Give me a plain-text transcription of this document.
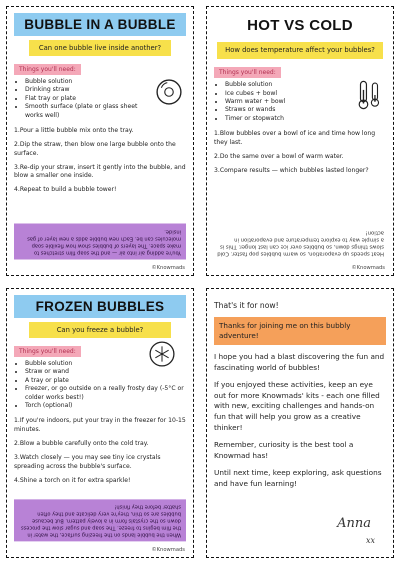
BUBBLE IN A BUBBLE
Can one bubble live inside another?
Things you'll need:
• Bubble solution
• Drinking straw
• Flat tray or plate
• Smooth surface (plate or glass sheet works well)

1.Pour a little bubble mix onto the tray.

2.Dip the straw, then blow one large bubble onto the surface.

3.Re-dip your straw, insert it gently into the bubble, and blow a smaller one inside.

4.Repeat to build a bubble tower!

You're adding air into air — and the soap film stretches to make space. The layers of bubbles show how flexible soap molecules can be. Each new bubble adds a new layer of gas inside.
©Knowmads
HOT VS COLD
How does temperature affect your bubbles?
Things you'll need:
• Bubble solution
• Ice cubes + bowl
• Warm water + bowl
• Straws or wands
• Timer or stopwatch

1.Blow bubbles over a bowl of ice and time how long they last.

2.Do the same over a bowl of warm water.

3.Compare results — which bubbles lasted longer?

Heat speeds up evaporation, so warm bubbles pop faster. Cold slows things down, so bubbles over ice can last longer. This is a simple way to explore temperature and evaporation in action!
©Knowmads
FROZEN BUBBLES
Can you freeze a bubble?
Things you'll need:
• Bubble solution
• Straw or wand
• A tray or plate
• Freezer, or go outside on a really frosty day (-5°C or colder works best!)
• Torch (optional)

1.If you're indoors, put your tray in the freezer for 10-15 minutes.

2.Blow a bubble carefully onto the cold tray.

3.Watch closely — you may see tiny ice crystals spreading across the bubble's surface.

4.Shine a torch on it for extra sparkle!

When the bubble lands on the freezing surface, the water in the film begins to freeze. The soap and sugar slow the process down so the crystals form in a lovely pattern. But because bubbles are so thin, they're very delicate and they often shatter before they finish!
©Knowmads
That's it for now!
Thanks for joining me on this bubbly adventure!

I hope you had a blast discovering the fun and fascinating world of bubbles!

If you enjoyed these activities, keep an eye out for more Knowmads' kits - each one filled with new, exciting challenges and hands-on fun that will help you grow as a creative thinker!

Remember, curiosity is the best tool a Knowmad has!

Until next time, keep exploring, ask questions and have fun learning!

Anna
xx
